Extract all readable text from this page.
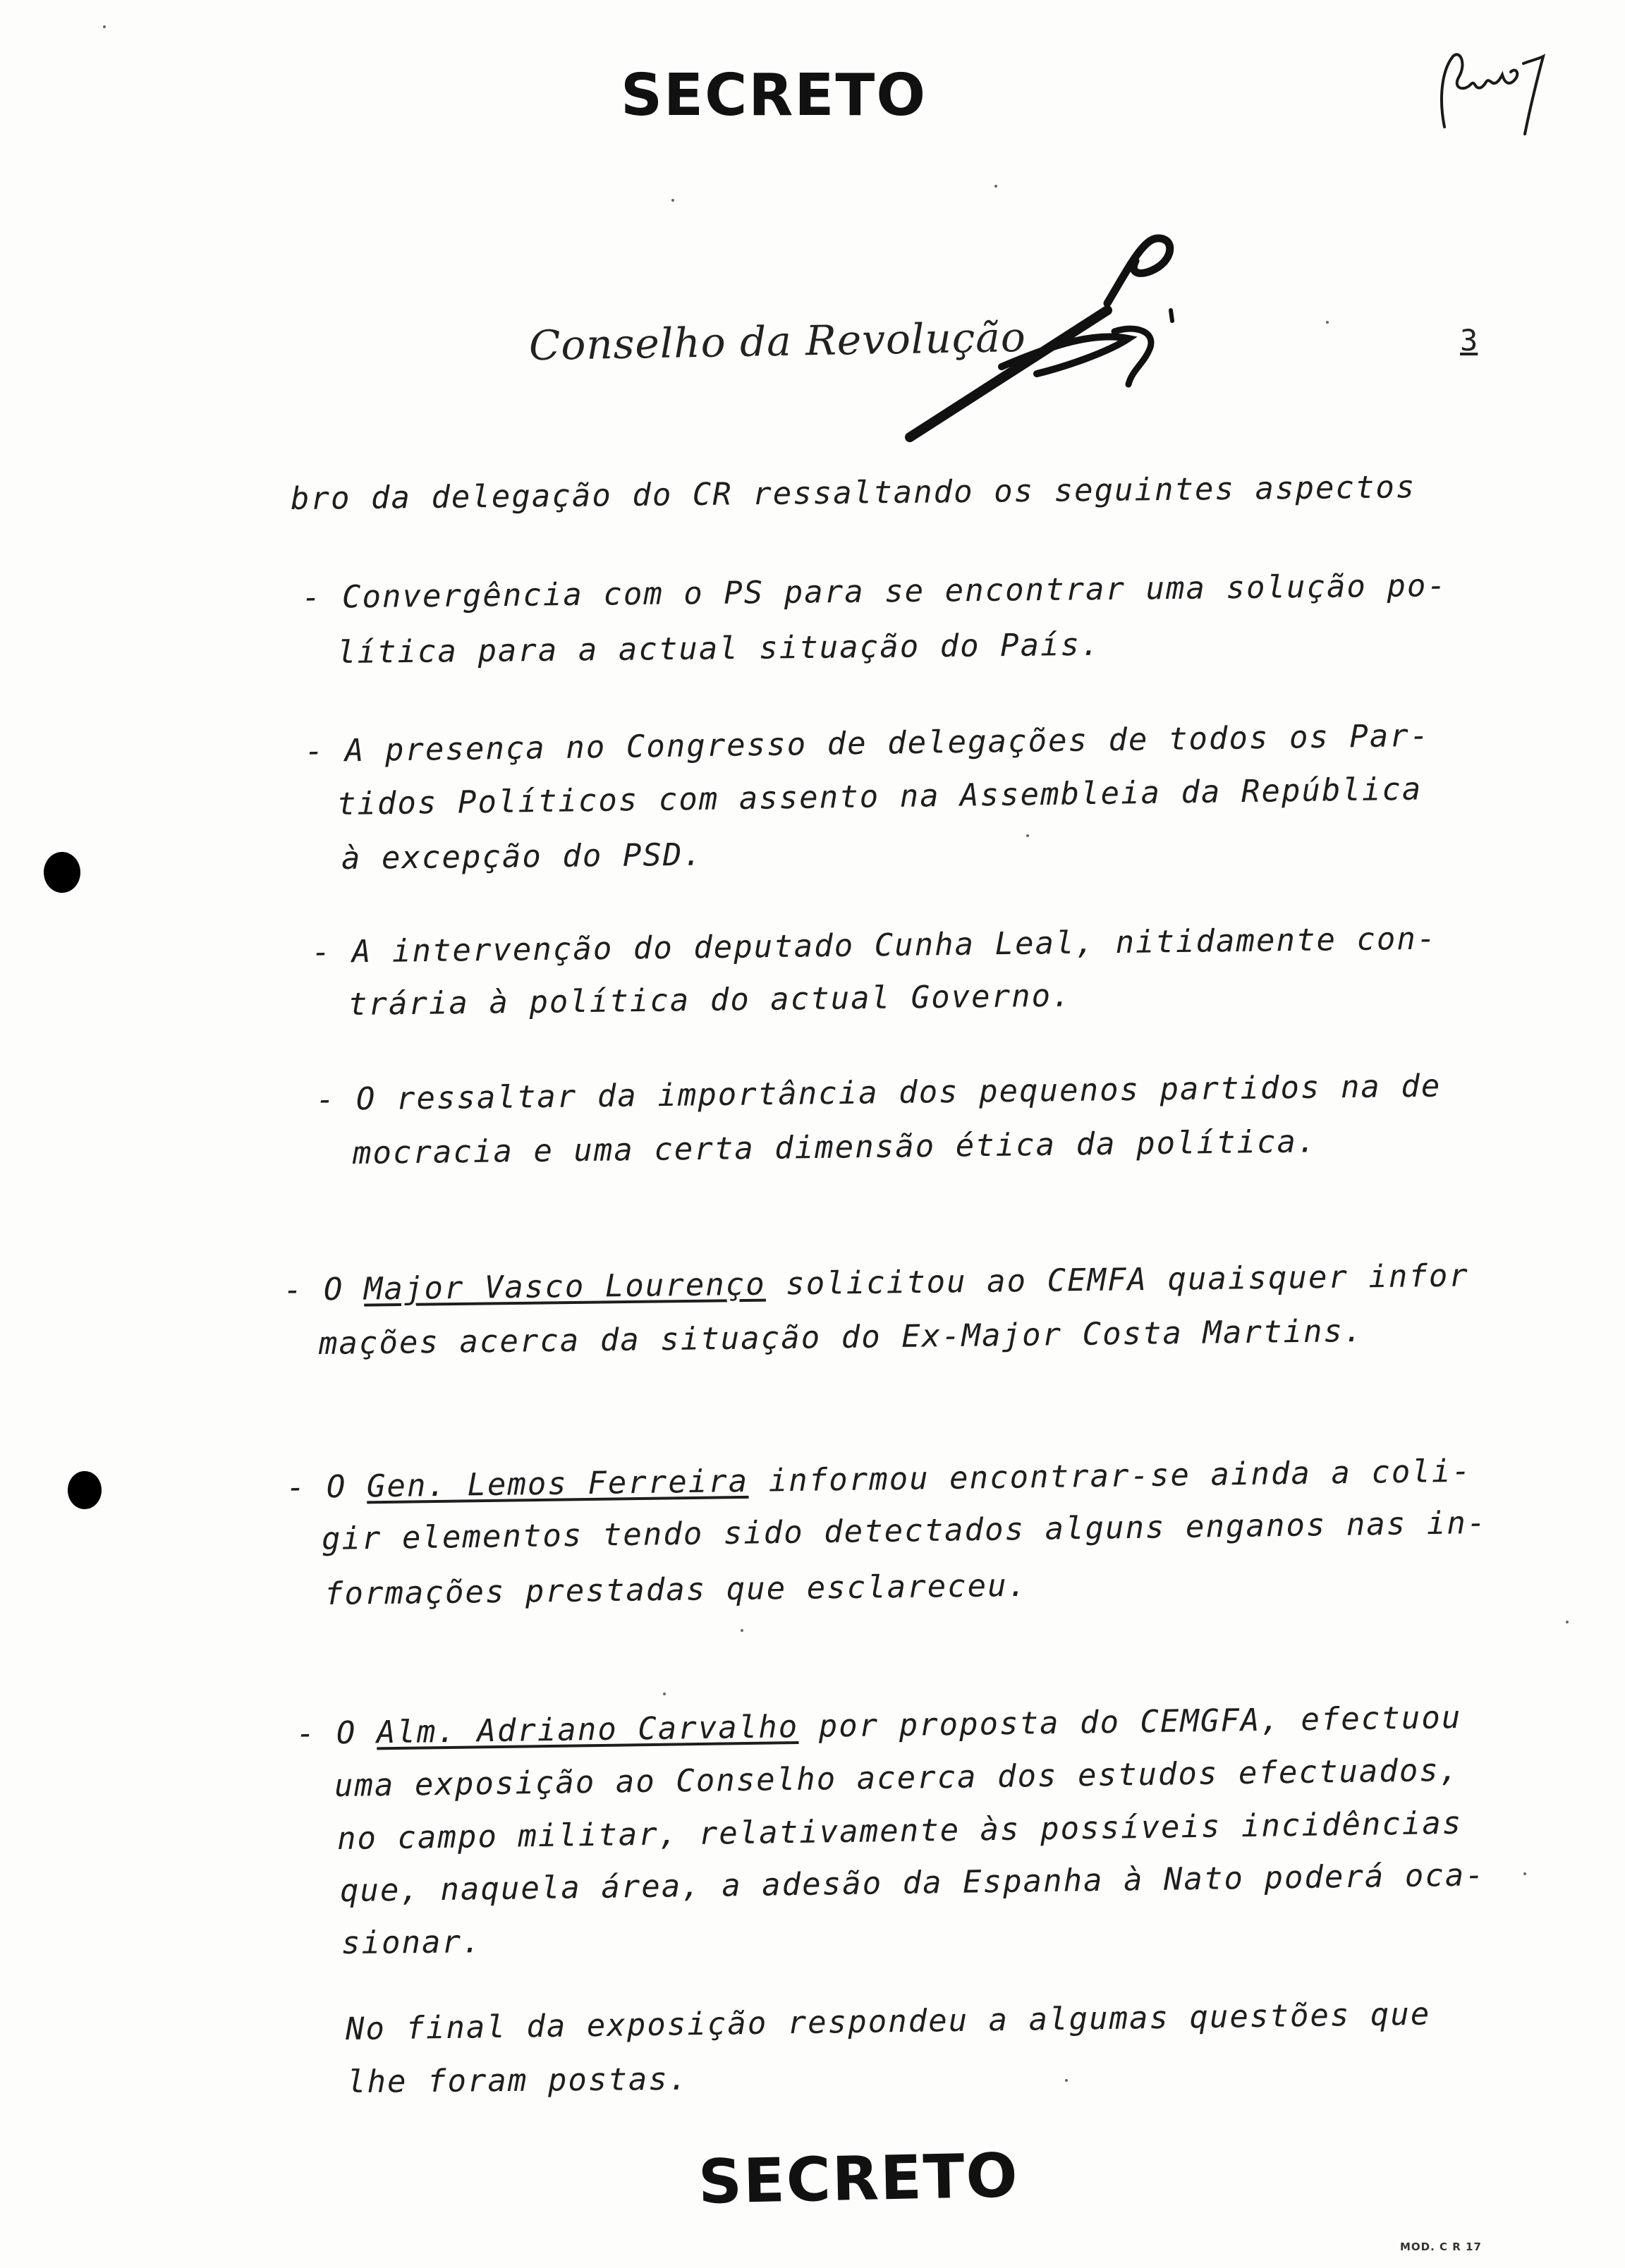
SECRETO
Conselho da Revolução	3
bro da delegação do CR ressaltando os seguintes aspectos
- Convergência com o PS para se encontrar uma solução po-
lítica para a actual situação do País.
- A presença no Congresso de delegações de todos os Par-
tidos Políticos com assento na Assembleia da República
à excepção do PSD.
- A intervenção do deputado Cunha Leal, nitidamente con-
trária à política do actual Governo.
- O ressaltar da importância dos pequenos partidos na de
mocracia e uma certa dimensão ética da política.
- O Major Vasco Lourenço solicitou ao CEMFA quaisquer infor
mações acerca da situação do Ex-Major Costa Martins.
- O Gen. Lemos Ferreira informou encontrar-se ainda a coli-
gir elementos tendo sido detectados alguns enganos nas in-
formações prestadas que esclareceu.
- O Alm. Adriano Carvalho por proposta do CEMGFA, efectuou
uma exposição ao Conselho acerca dos estudos efectuados,
no campo militar, relativamente às possíveis incidências
que, naquela área, a adesão da Espanha à Nato poderá oca-
sionar.
No final da exposição respondeu a algumas questões que
lhe foram postas.
SECRETO
MOD. C R 17
